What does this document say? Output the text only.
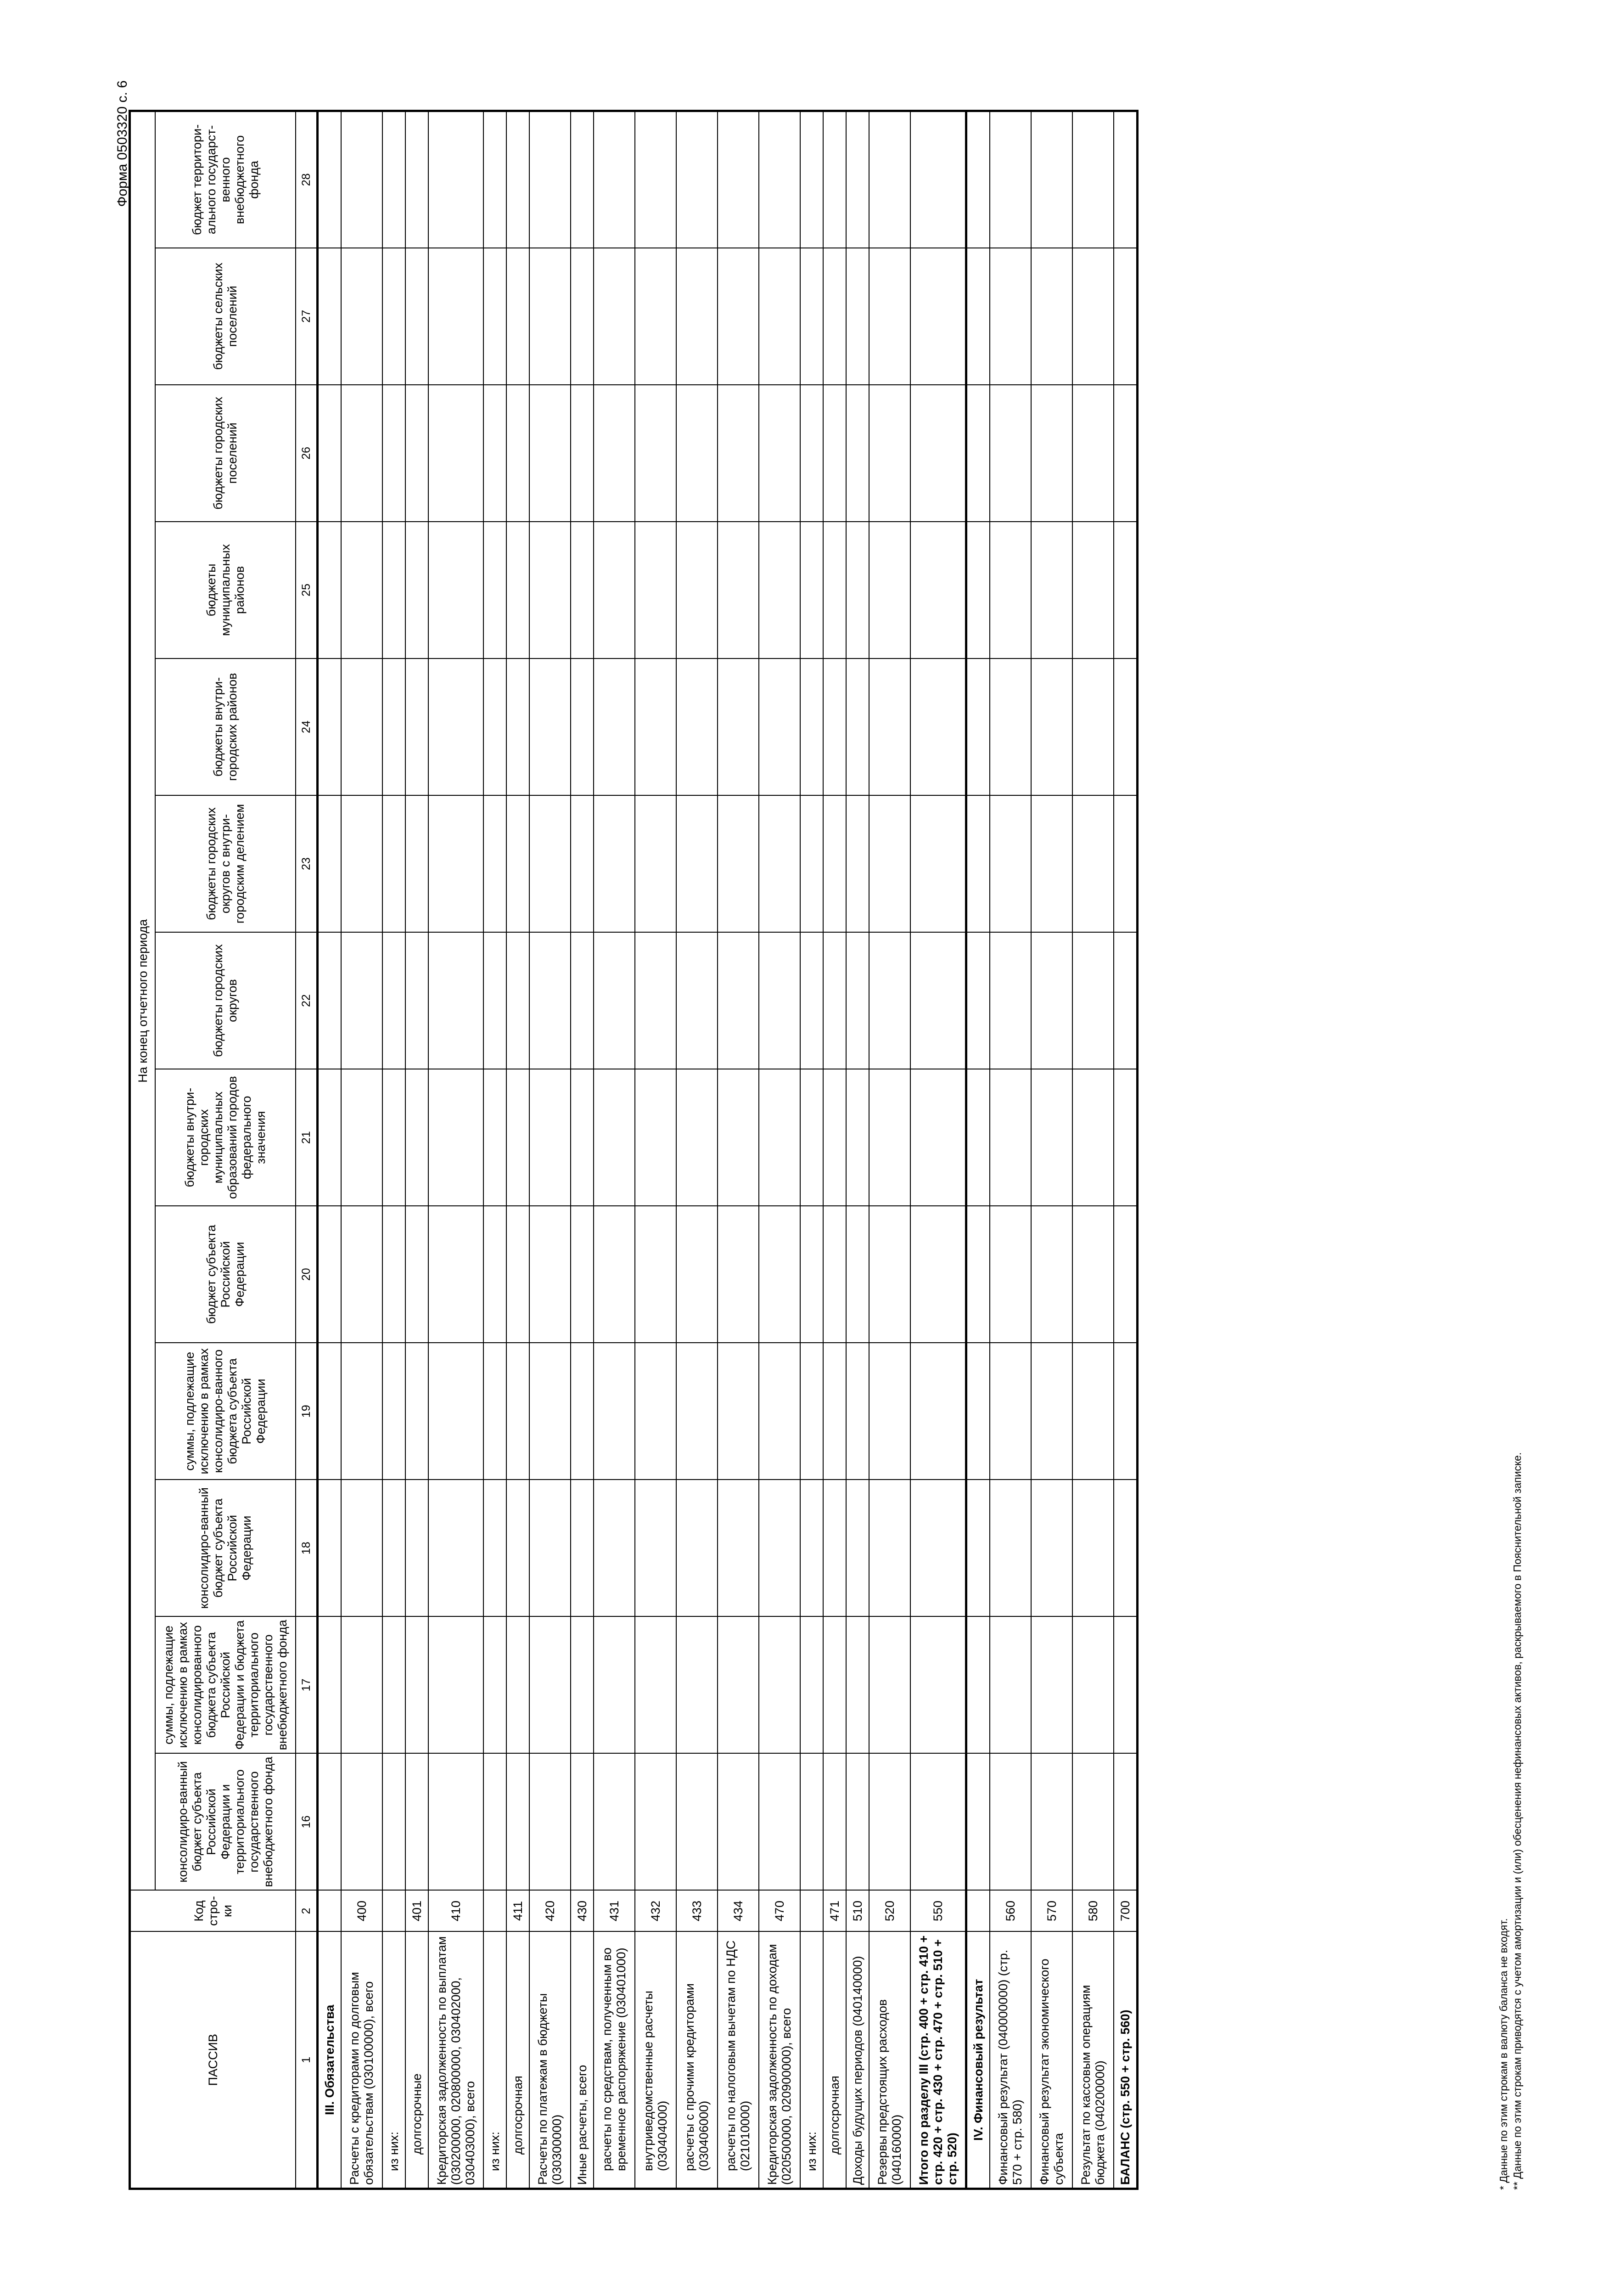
Форма 0503320 с. 6
ПАССИВ	Код стро-ки	На конец отчетного периода												
		консолидиро-ванный бюджет субъекта Российской Федерации и территориального государственного внебюджетного фонда	суммы, подлежащие исключению в рамках консолидированного бюджета субъекта Российской Федерации и бюджета территориального государственного внебюджетного фонда	консолидиро-ванный бюджет субъекта Российской Федерации	суммы, подлежащие исключению в рамках консолидиро-ванного бюджета субъекта Российской Федерации	бюджет субъекта Российской Федерации	бюджеты внутри-городских муниципальных образований городов федерального значения	бюджеты городских округов	бюджеты городских округов с внутри-городским делением	бюджеты внутри-городских районов	бюджеты муниципальных районов	бюджеты городских поселений	бюджеты сельских поселений	бюджет территори-ального государст-венного внебюджетного фонда
1	2	16	17	18	19	20	21	22	23	24	25	26	27	28
III. Обязательства														
Расчеты с кредиторами по долговым обязательствам (030100000), всего	400													
из них:														
долгосрочные	401													
Кредиторская задолженность по выплатам (030200000, 020800000, 030402000, 030403000), всего	410													
из них:														
долгосрочная	411													
Расчеты по платежам в бюджеты (030300000)	420													
Иные расчеты, всего	430													
расчеты по средствам, полученным во временное распоряжение (030401000)	431													
внутриведомственные расчеты (030404000)	432													
расчеты с прочими кредиторами (030406000)	433													
расчеты по налоговым вычетам по НДС (021010000)	434													
Кредиторская задолженность по доходам (020500000, 020900000), всего	470													
из них:														
долгосрочная	471													
Доходы будущих периодов (040140000)	510													
Резервы предстоящих расходов (040160000)	520													
Итого по разделу III (стр. 400 + стр. 410 + стр. 420 + стр. 430 + стр. 470 + стр. 510 + стр. 520)	550													
IV. Финансовый результат														
Финансовый результат (040000000) (стр. 570 + стр. 580)	560													
Финансовый результат экономического субъекта	570													
Результат по кассовым операциям бюджета (040200000)	580													
БАЛАНС (стр. 550 + стр. 560)	700													
* Данные по этим строкам в валюту баланса не входят. ** Данные по этим строкам приводятся с учетом амортизации и (или) обесценения нефинансовых активов, раскрываемого в Пояснительной записке.
